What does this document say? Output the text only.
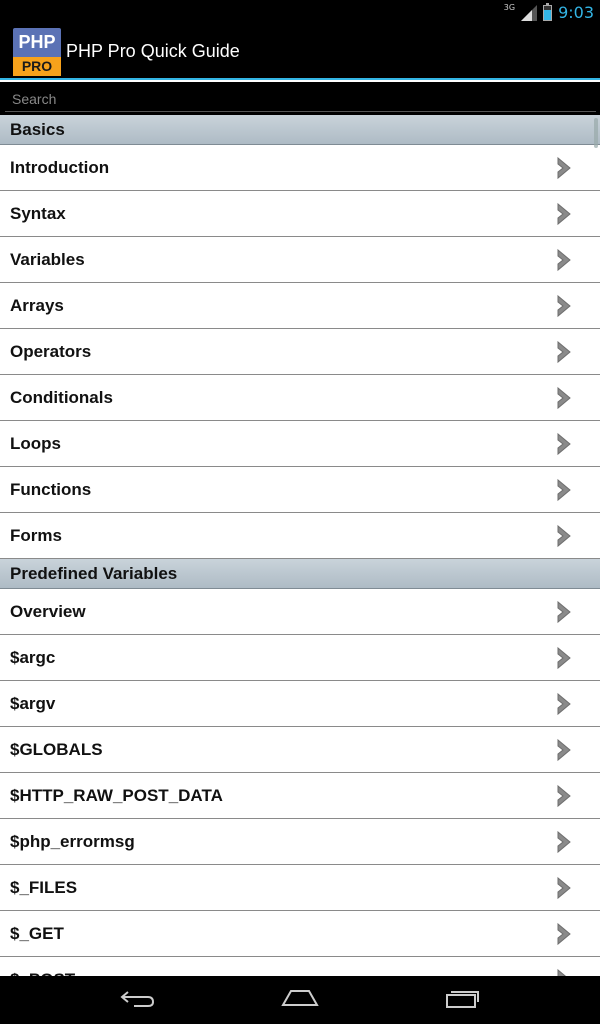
3G	9:03
PHP
PRO
PHP Pro Quick Guide
Search
Basics
Introduction
Syntax
Variables
Arrays
Operators
Conditionals
Loops
Functions
Forms
Predefined Variables
Overview
$argc
$argv
$GLOBALS
$HTTP_RAW_POST_DATA
$php_errormsg
$_FILES
$_GET
